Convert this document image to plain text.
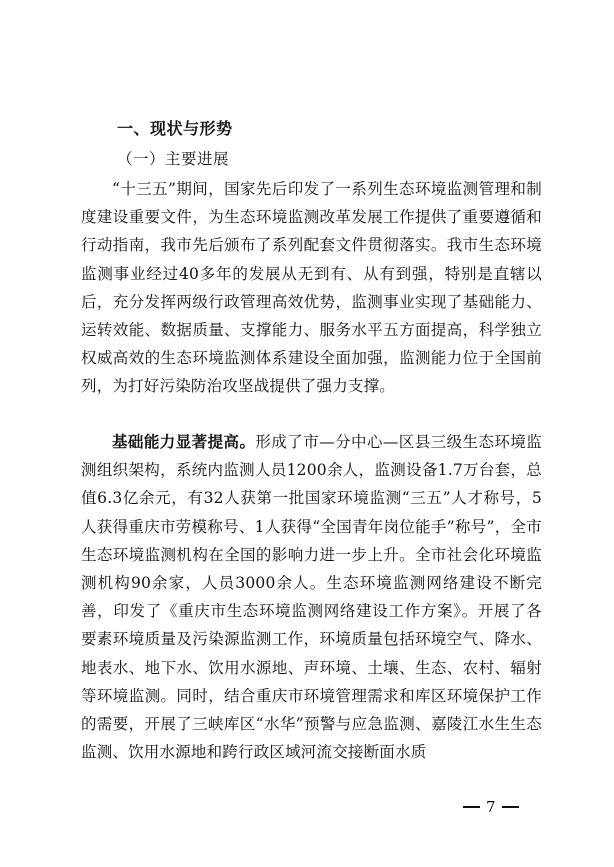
一、现状与形势
（一）主要进展

“十三五”期间，国家先后印发了一系列生态环境监测管理和制度建设重要文件，为生态环境监测改革发展工作提供了重要遵循和行动指南，我市先后颁布了系列配套文件贯彻落实。我市生态环境监测事业经过40多年的发展从无到有、从有到强，特别是直辖以后，充分发挥两级行政管理高效优势，监测事业实现了基础能力、运转效能、数据质量、支撑能力、服务水平五方面提高，科学独立权威高效的生态环境监测体系建设全面加强，监测能力位于全国前列，为打好污染防治攻坚战提供了强力支撑。

基础能力显著提高。形成了市—分中心—区县三级生态环境监测组织架构，系统内监测人员1200余人，监测设备1.7万台套，总值6.3亿余元，有32人获第一批国家环境监测“三五”人才称号，5人获得重庆市劳模称号、1人获得“全国青年岗位能手”称号”，全市生态环境监测机构在全国的影响力进一步上升。全市社会化环境监测机构90余家，人员3000余人。生态环境监测网络建设不断完善，印发了《重庆市生态环境监测网络建设工作方案》。开展了各要素环境质量及污染源监测工作，环境质量包括环境空气、降水、地表水、地下水、饮用水源地、声环境、土壤、生态、农村、辐射等环境监测。同时，结合重庆市环境管理需求和库区环境保护工作的需要，开展了三峡库区“水华”预警与应急监测、嘉陵江水生生态监测、饮用水源地和跨行政区域河流交接断面水质

7
